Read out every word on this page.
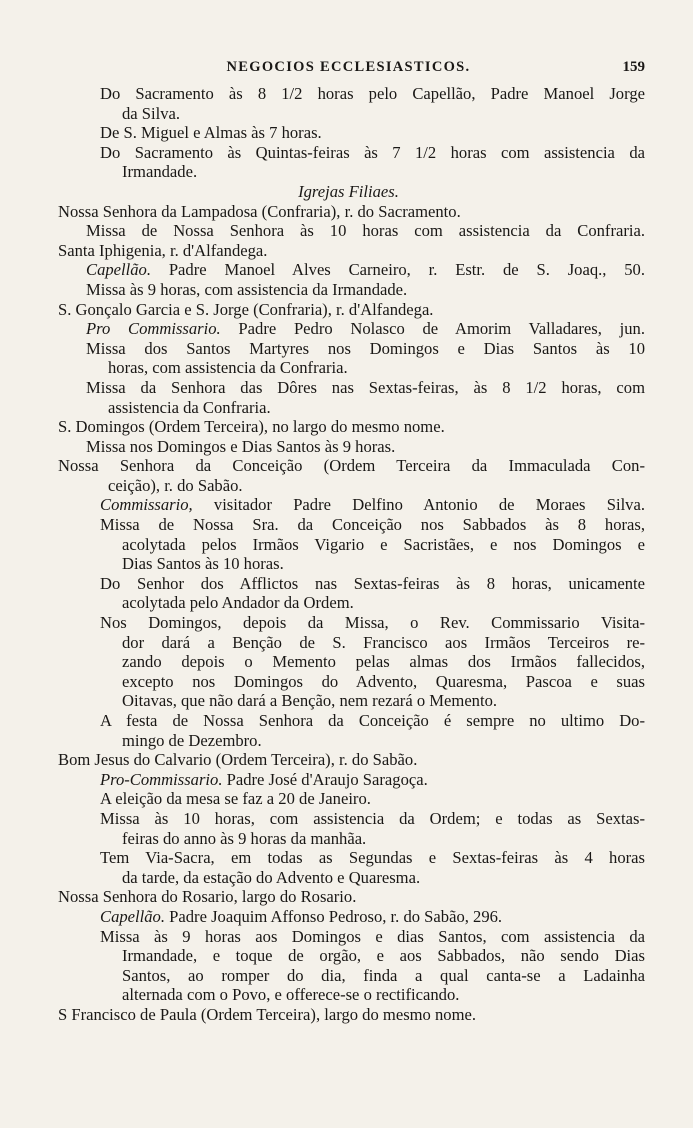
NEGOCIOS ECCLESIASTICOS.	159
Do Sacramento às 8 1/2 horas pelo Capellão, Padre Manoel Jorge
da Silva.
De S. Miguel e Almas às 7 horas.
Do Sacramento às Quintas-feiras às 7 1/2 horas com assistencia da
Irmandade.
Igrejas Filiaes.
Nossa Senhora da Lampadosa (Confraria), r. do Sacramento.
Missa de Nossa Senhora às 10 horas com assistencia da Confraria.
Santa Iphigenia, r. d'Alfandega.
Capellão. Padre Manoel Alves Carneiro, r. Estr. de S. Joaq., 50.
Missa às 9 horas, com assistencia da Irmandade.
S. Gonçalo Garcia e S. Jorge (Confraria), r. d'Alfandega.
Pro Commissario. Padre Pedro Nolasco de Amorim Valladares, jun.
Missa dos Santos Martyres nos Domingos e Dias Santos às 10
horas, com assistencia da Confraria.
Missa da Senhora das Dôres nas Sextas-feiras, às 8 1/2 horas, com
assistencia da Confraria.
S. Domingos (Ordem Terceira), no largo do mesmo nome.
Missa nos Domingos e Dias Santos às 9 horas.
Nossa Senhora da Conceição (Ordem Terceira da Immaculada Con-
ceição), r. do Sabão.
Commissario, visitador Padre Delfino Antonio de Moraes Silva.
Missa de Nossa Sra. da Conceição nos Sabbados às 8 horas,
acolytada pelos Irmãos Vigario e Sacristães, e nos Domingos e
Dias Santos às 10 horas.
Do Senhor dos Afflictos nas Sextas-feiras às 8 horas, unicamente
acolytada pelo Andador da Ordem.
Nos Domingos, depois da Missa, o Rev. Commissario Visita-
dor dará a Benção de S. Francisco aos Irmãos Terceiros re-
zando depois o Memento pelas almas dos Irmãos fallecidos,
excepto nos Domingos do Advento, Quaresma, Pascoa e suas
Oitavas, que não dará a Benção, nem rezará o Memento.
A festa de Nossa Senhora da Conceição é sempre no ultimo Do-
mingo de Dezembro.
Bom Jesus do Calvario (Ordem Terceira), r. do Sabão.
Pro-Commissario. Padre José d'Araujo Saragoça.
A eleição da mesa se faz a 20 de Janeiro.
Missa às 10 horas, com assistencia da Ordem; e todas as Sextas-
feiras do anno às 9 horas da manhãa.
Tem Via-Sacra, em todas as Segundas e Sextas-feiras às 4 horas
da tarde, da estação do Advento e Quaresma.
Nossa Senhora do Rosario, largo do Rosario.
Capellão. Padre Joaquim Affonso Pedroso, r. do Sabão, 296.
Missa às 9 horas aos Domingos e dias Santos, com assistencia da
Irmandade, e toque de orgão, e aos Sabbados, não sendo Dias
Santos, ao romper do dia, finda a qual canta-se a Ladainha
alternada com o Povo, e offerece-se o rectificando.
S Francisco de Paula (Ordem Terceira), largo do mesmo nome.
